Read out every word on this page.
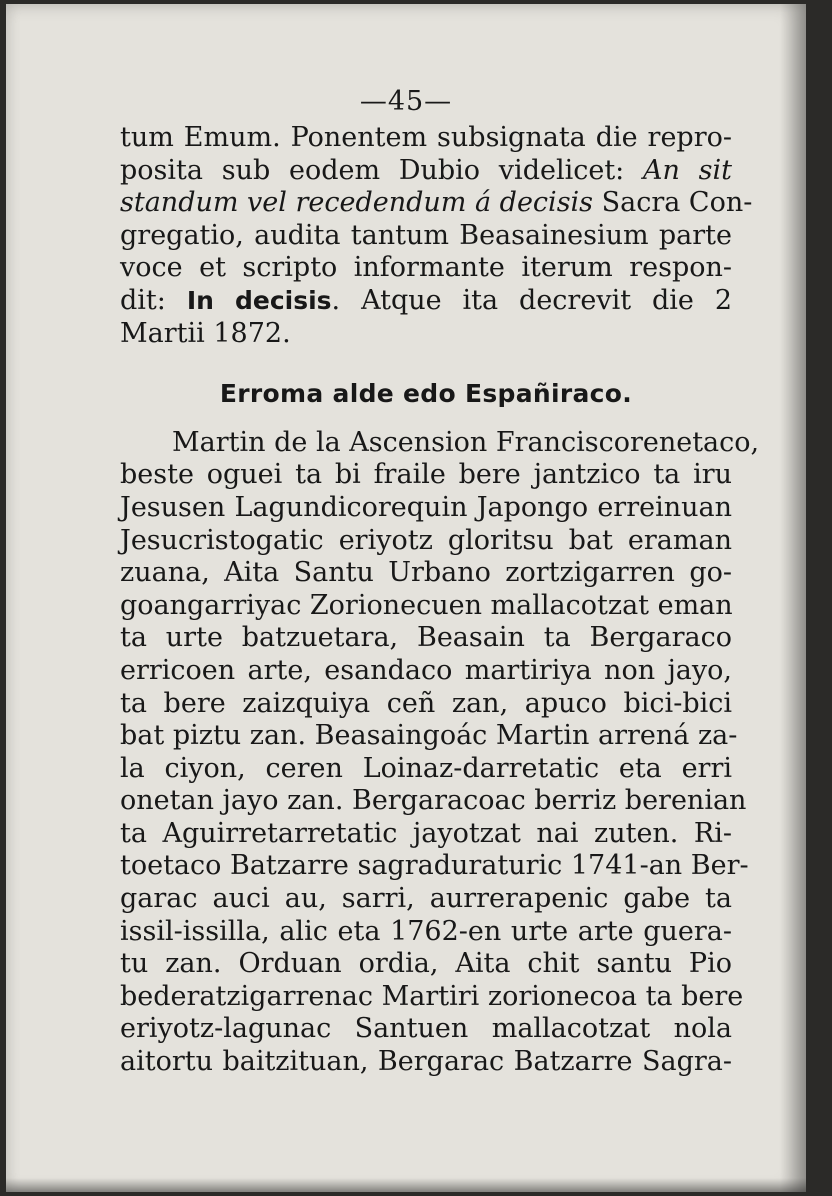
—45—
tum Emum. Ponentem subsignata die repro-
posita sub eodem Dubio videlicet: An sit
standum vel recedendum á decisis Sacra Con-
gregatio, audita tantum Beasainesium parte
voce et scripto informante iterum respon-
dit: In decisis. Atque ita decrevit die 2
Martii 1872.
Erroma alde edo Españiraco.
Martin de la Ascension Franciscorenetaco,
beste oguei ta bi fraile bere jantzico ta iru
Jesusen Lagundicorequin Japongo erreinuan
Jesucristogatic eriyotz gloritsu bat eraman
zuana, Aita Santu Urbano zortzigarren go-
goangarriyac Zorionecuen mallacotzat eman
ta urte batzuetara, Beasain ta Bergaraco
erricoen arte, esandaco martiriya non jayo,
ta bere zaizquiya ceñ zan, apuco bici-bici
bat piztu zan. Beasaingoác Martin arrená za-
la ciyon, ceren Loinaz-darretatic eta erri
onetan jayo zan. Bergaracoac berriz berenian
ta Aguirretarretatic jayotzat nai zuten. Ri-
toetaco Batzarre sagraduraturic 1741-an Ber-
garac auci au, sarri, aurrerapenic gabe ta
issil-issilla, alic eta 1762-en urte arte guera-
tu zan. Orduan ordia, Aita chit santu Pio
bederatzigarrenac Martiri zorionecoa ta bere
eriyotz-lagunac Santuen mallacotzat nola
aitortu baitzituan, Bergarac Batzarre Sagra-
